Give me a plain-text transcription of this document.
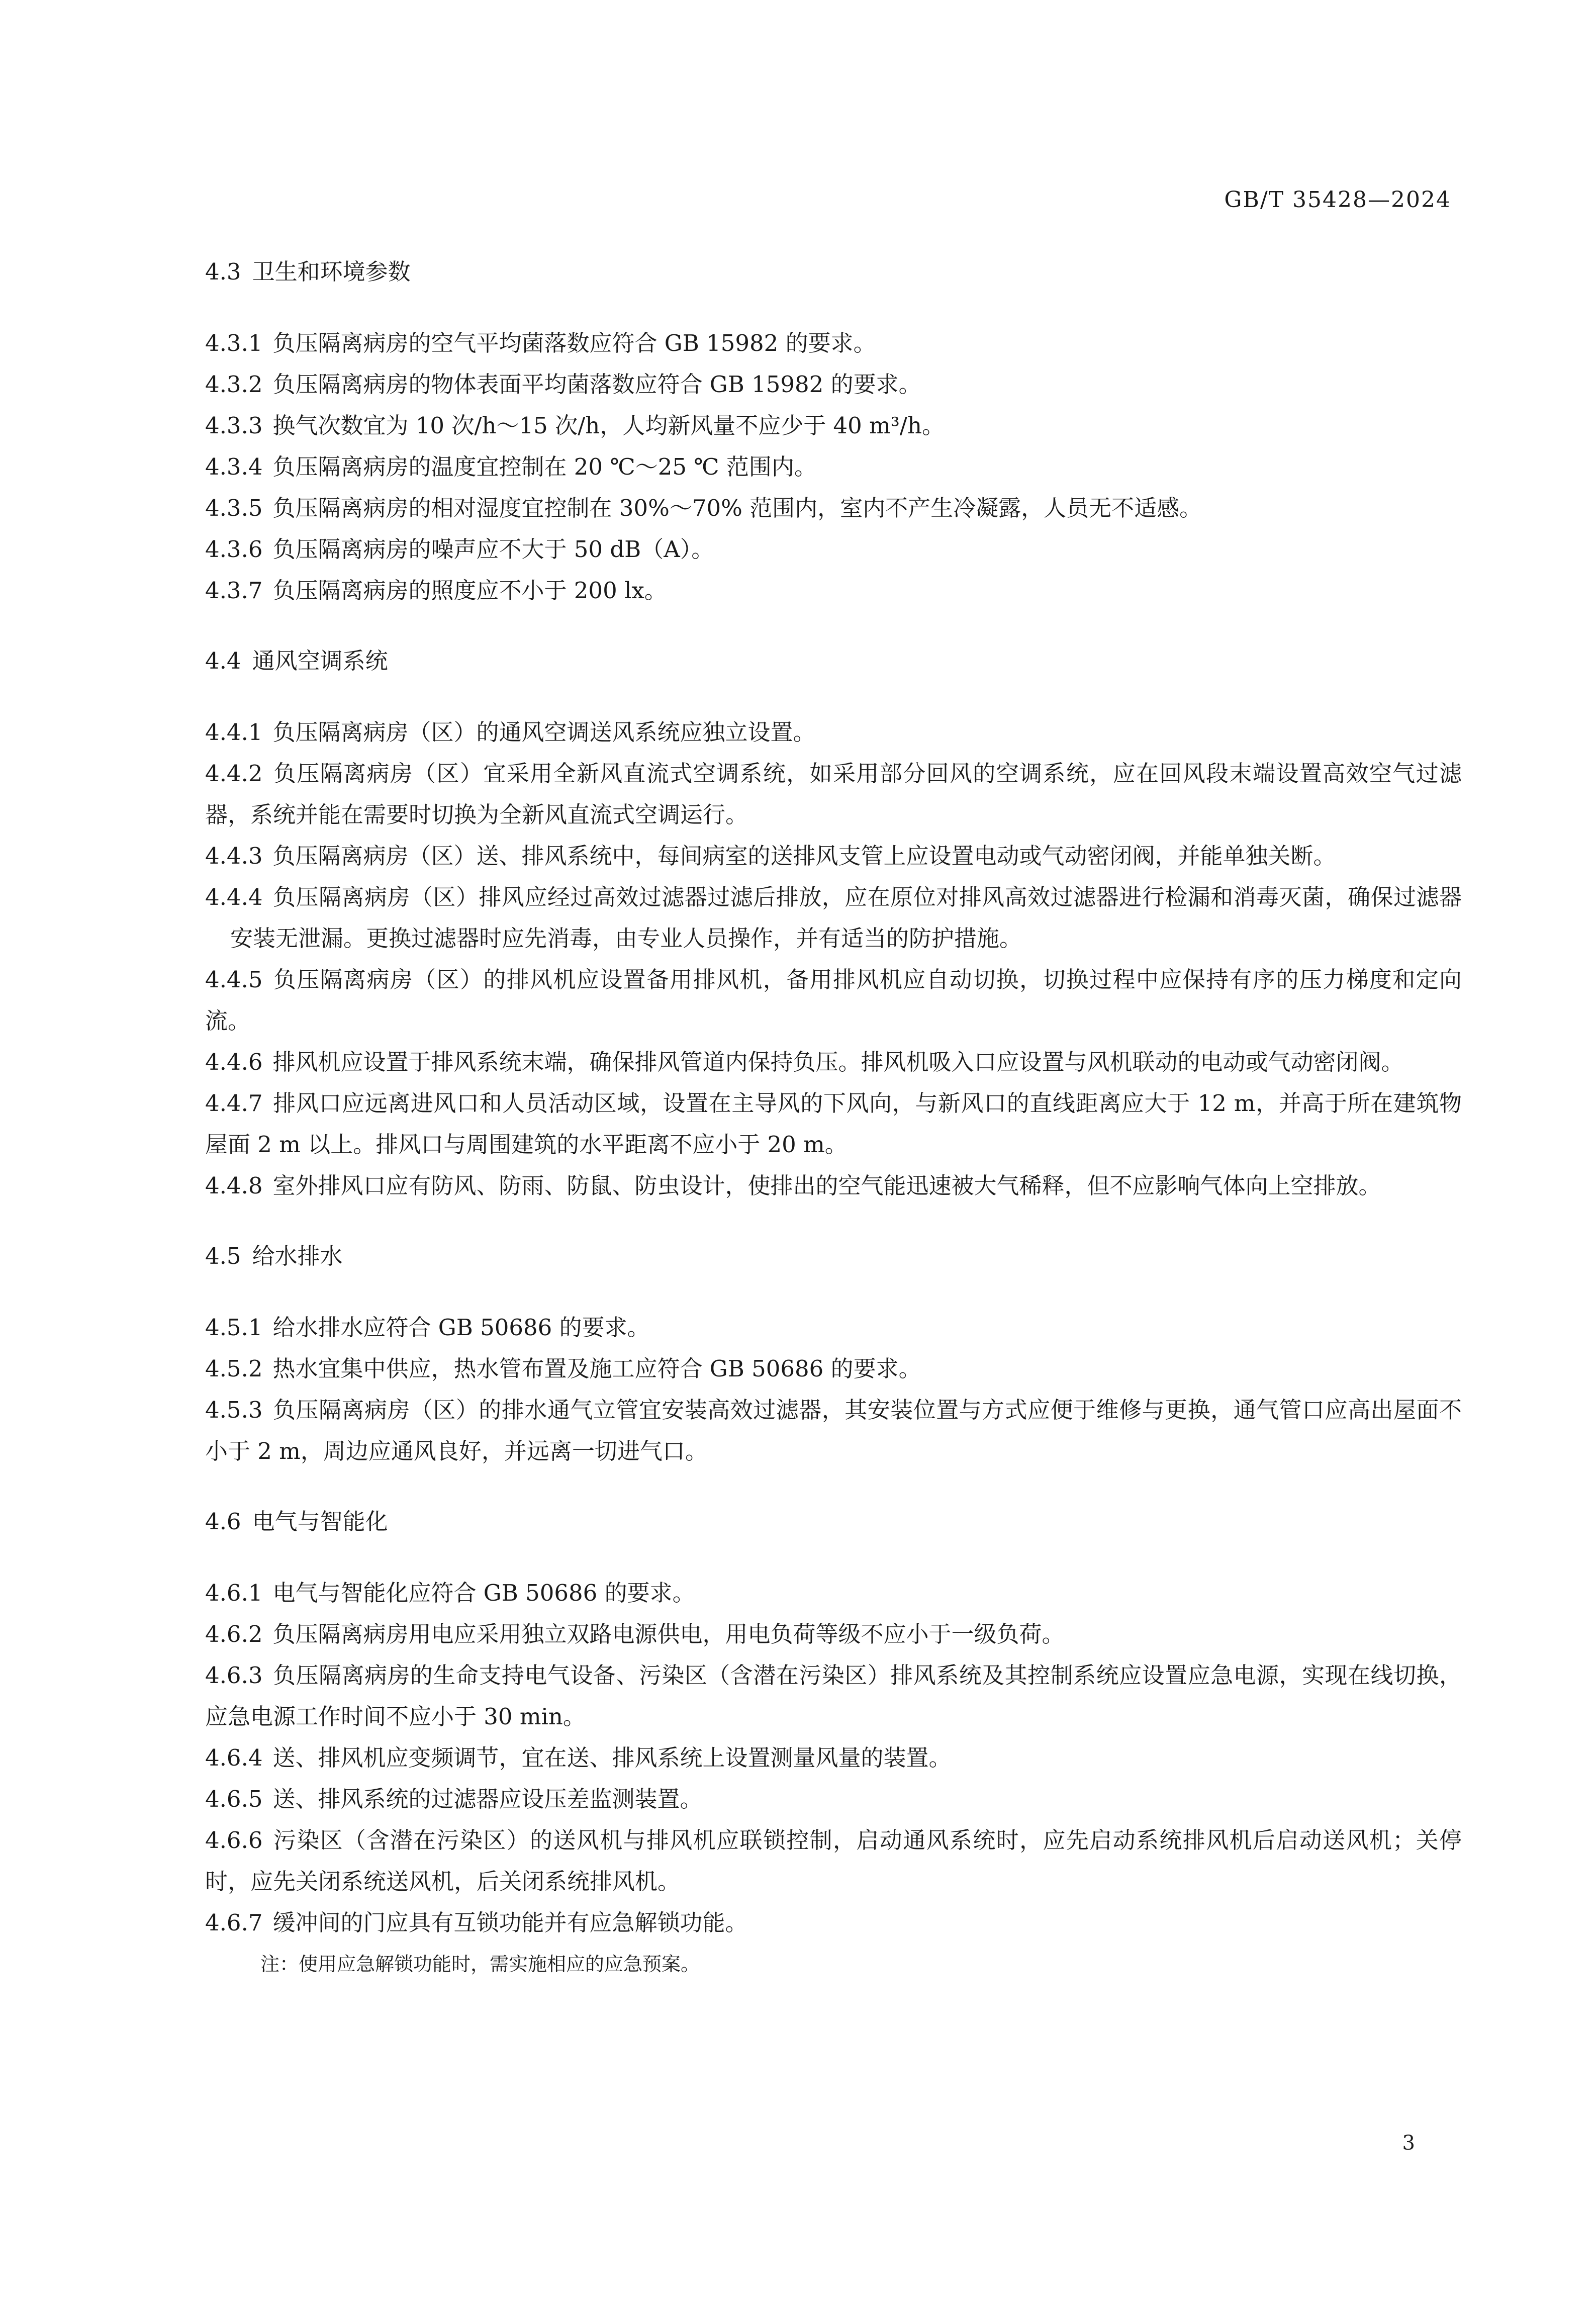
GB/T 35428—2024
4.3 卫生和环境参数

4.3.1 负压隔离病房的空气平均菌落数应符合 GB 15982 的要求。

4.3.2 负压隔离病房的物体表面平均菌落数应符合 GB 15982 的要求。

4.3.3 换气次数宜为 10 次/h～15 次/h，人均新风量不应少于 40 m³/h。

4.3.4 负压隔离病房的温度宜控制在 20 ℃～25 ℃ 范围内。

4.3.5 负压隔离病房的相对湿度宜控制在 30%～70% 范围内，室内不产生冷凝露，人员无不适感。

4.3.6 负压隔离病房的噪声应不大于 50 dB（A）。

4.3.7 负压隔离病房的照度应不小于 200 lx。

4.4 通风空调系统

4.4.1 负压隔离病房（区）的通风空调送风系统应独立设置。

4.4.2 负压隔离病房（区）宜采用全新风直流式空调系统，如采用部分回风的空调系统，应在回风段末端设置高效空气过滤器，系统并能在需要时切换为全新风直流式空调运行。

4.4.3 负压隔离病房（区）送、排风系统中，每间病室的送排风支管上应设置电动或气动密闭阀，并能单独关断。

4.4.4 负压隔离病房（区）排风应经过高效过滤器过滤后排放，应在原位对排风高效过滤器进行检漏和消毒灭菌，确保过滤器安装无泄漏。更换过滤器时应先消毒，由专业人员操作，并有适当的防护措施。

4.4.5 负压隔离病房（区）的排风机应设置备用排风机，备用排风机应自动切换，切换过程中应保持有序的压力梯度和定向流。

4.4.6 排风机应设置于排风系统末端，确保排风管道内保持负压。排风机吸入口应设置与风机联动的电动或气动密闭阀。

4.4.7 排风口应远离进风口和人员活动区域，设置在主导风的下风向，与新风口的直线距离应大于 12 m，并高于所在建筑物屋面 2 m 以上。排风口与周围建筑的水平距离不应小于 20 m。

4.4.8 室外排风口应有防风、防雨、防鼠、防虫设计，使排出的空气能迅速被大气稀释，但不应影响气体向上空排放。

4.5 给水排水

4.5.1 给水排水应符合 GB 50686 的要求。

4.5.2 热水宜集中供应，热水管布置及施工应符合 GB 50686 的要求。

4.5.3 负压隔离病房（区）的排水通气立管宜安装高效过滤器，其安装位置与方式应便于维修与更换，通气管口应高出屋面不小于 2 m，周边应通风良好，并远离一切进气口。

4.6 电气与智能化

4.6.1 电气与智能化应符合 GB 50686 的要求。

4.6.2 负压隔离病房用电应采用独立双路电源供电，用电负荷等级不应小于一级负荷。

4.6.3 负压隔离病房的生命支持电气设备、污染区（含潜在污染区）排风系统及其控制系统应设置应急电源，实现在线切换，应急电源工作时间不应小于 30 min。

4.6.4 送、排风机应变频调节，宜在送、排风系统上设置测量风量的装置。

4.6.5 送、排风系统的过滤器应设压差监测装置。

4.6.6 污染区（含潜在污染区）的送风机与排风机应联锁控制，启动通风系统时，应先启动系统排风机后启动送风机；关停时，应先关闭系统送风机，后关闭系统排风机。

4.6.7 缓冲间的门应具有互锁功能并有应急解锁功能。

注：使用应急解锁功能时，需实施相应的应急预案。

3
